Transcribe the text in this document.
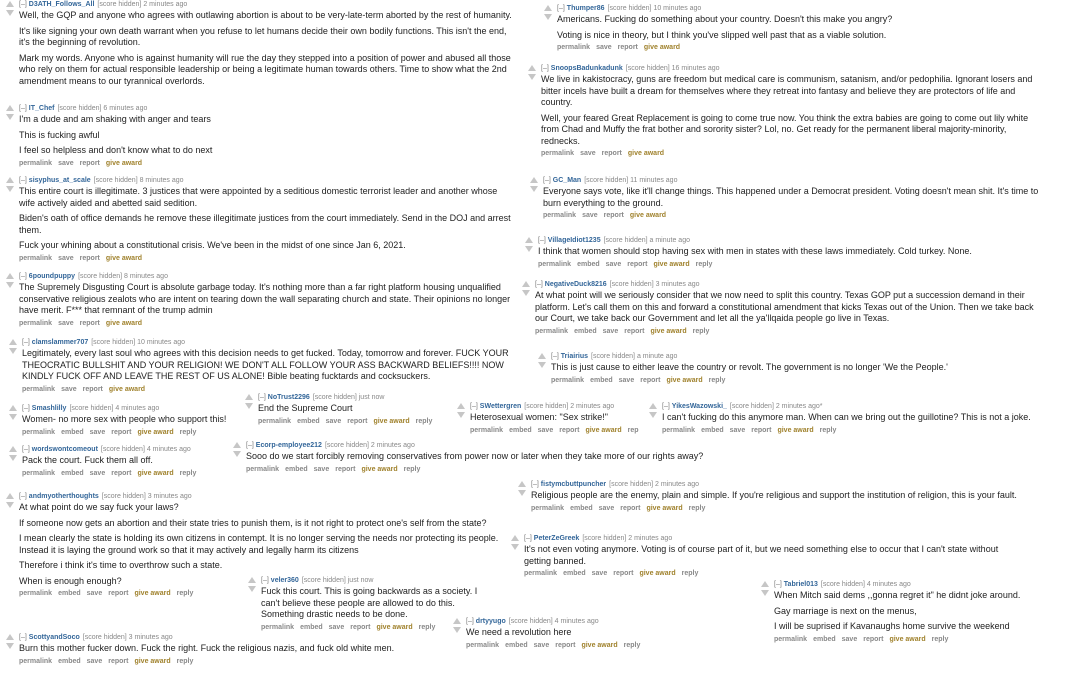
[–] D3ATH_Follows_All [score hidden] 2 minutes ago

Well, the GQP and anyone who agrees with outlawing abortion is about to be very-late-term aborted by the rest of humanity.

It's like signing your own death warrant when you refuse to let humans decide their own bodily functions. This isn't the end, it's the beginning of revolution.

Mark my words. Anyone who is against humanity will rue the day they stepped into a position of power and abused all those who rely on them for actual responsible leadership or being a legitimate human towards others. Time to show what the 2nd amendment means to our tyrannical overlords.

[–] IT_Chef [score hidden] 6 minutes ago

I'm a dude and am shaking with anger and tears

This is fucking awful

I feel so helpless and don't know what to do next

permalink save report give award
[–] sisyphus_at_scale [score hidden] 8 minutes ago

This entire court is illegitimate. 3 justices that were appointed by a seditious domestic terrorist leader and another whose wife actively aided and abetted said sedition.

Biden's oath of office demands he remove these illegitimate justices from the court immediately. Send in the DOJ and arrest them.

Fuck your whining about a constitutional crisis. We've been in the midst of one since Jan 6, 2021.

permalink save report give award
[–] 6poundpuppy [score hidden] 8 minutes ago

The Supremely Disgusting Court is absolute garbage today. It's nothing more than a far right platform housing unqualified conservative religious zealots who are intent on tearing down the wall separating church and state. Their opinions no longer have merit. F*** that remnant of the trump admin

permalink save report give award
[–] clamslammer707 [score hidden] 10 minutes ago

Legitimately, every last soul who agrees with this decision needs to get fucked. Today, tomorrow and forever. FUCK YOUR THEOCRATIC BULLSHIT AND YOUR RELIGION! WE DON'T ALL FOLLOW YOUR ASS BACKWARD BELIEFS!!!! NOW KINDLY FUCK OFF AND LEAVE THE REST OF US ALONE! Bible beating fucktards and cocksuckers.

permalink save report give award
[–] Smashlilly [score hidden] 4 minutes ago

Women- no more sex with people who support this!

permalink embed save report give award reply
[–] wordswontcomeout [score hidden] 4 minutes ago

Pack the court. Fuck them all off.

permalink embed save report give award reply
[–] andmyotherthoughts [score hidden] 3 minutes ago

At what point do we say fuck your laws?

If someone now gets an abortion and their state tries to punish them, is it not right to protect one's self from the state?

I mean clearly the state is holding its own citizens in contempt. It is no longer serving the needs nor protecting its people. Instead it is laying the ground work so that it may actively and legally harm its citizens

Therefore i think it's time to overthrow such a state.

When is enough enough?

permalink embed save report give award reply
[–] ScottyandSoco [score hidden] 3 minutes ago

Burn this mother fucker down. Fuck the right. Fuck the religious nazis, and fuck old white men.

permalink embed save report give award reply
[–] NoTrust2296 [score hidden] just now

End the Supreme Court

permalink embed save report give award reply
[–] Ecorp-employee212 [score hidden] 2 minutes ago

Sooo do we start forcibly removing conservatives from power now or later when they take more of our rights away?

permalink embed save report give award reply
[–] veler360 [score hidden] just now

Fuck this court. This is going backwards as a society. I can't believe these people are allowed to do this. Something drastic needs to be done.

permalink embed save report give award reply
[–] SWettergren [score hidden] 2 minutes ago

Heterosexual women: "Sex strike!"

permalink embed save report give award rep
[–] YikesWazowski_ [score hidden] 2 minutes ago*

I can't fucking do this anymore man. When can we bring out the guillotine? This is not a joke.

permalink embed save report give award reply
[–] drtyyugo [score hidden] 4 minutes ago

We need a revolution here

permalink embed save report give award reply
[–] Thumper86 [score hidden] 10 minutes ago

Americans. Fucking do something about your country. Doesn't this make you angry?

Voting is nice in theory, but I think you've slipped well past that as a viable solution.

permalink save report give award
[–] SnoopsBadunkadunk [score hidden] 16 minutes ago

We live in kakistocracy, guns are freedom but medical care is communism, satanism, and/or pedophilia. Ignorant losers and bitter incels have built a dream for themselves where they retreat into fantasy and believe they are protectors of life and country.

Well, your feared Great Replacement is going to come true now. You think the extra babies are going to come out lily white from Chad and Muffy the frat bother and sorority sister? Lol, no. Get ready for the permanent liberal majority-minority, rednecks.

permalink save report give award
[–] GC_Man [score hidden] 11 minutes ago

Everyone says vote, like it'll change things. This happened under a Democrat president. Voting doesn't mean shit. It's time to burn everything to the ground.

permalink save report give award
[–] VillageIdiot1235 [score hidden] a minute ago

I think that women should stop having sex with men in states with these laws immediately. Cold turkey. None.

permalink embed save report give award reply
[–] NegativeDuck8216 [score hidden] 3 minutes ago

At what point will we seriously consider that we now need to split this country. Texas GOP put a succession demand in their platform. Let's call them on this and forward a constitutional amendment that kicks Texas out of the Union. Then we take back our Court, we take back our Government and let all the ya'llqaida people go live in Texas.

permalink embed save report give award reply
[–] Triairius [score hidden] a minute ago

This is just cause to either leave the country or revolt. The government is no longer 'We the People.'

permalink embed save report give award reply
[–] fistymcbuttpuncher [score hidden] 2 minutes ago

Religious people are the enemy, plain and simple. If you're religious and support the institution of religion, this is your fault.

permalink embed save report give award reply
[–] PeterZeGreek [score hidden] 2 minutes ago

It's not even voting anymore. Voting is of course part of it, but we need something else to occur that I can't state without getting banned.

permalink embed save report give award reply
[–] Tabriel013 [score hidden] 4 minutes ago

When Mitch said dems ,,gonna regret it" he didnt joke around.

Gay marriage is next on the menus,

I will be suprised if Kavanaughs home survive the weekend

permalink embed save report give award reply
